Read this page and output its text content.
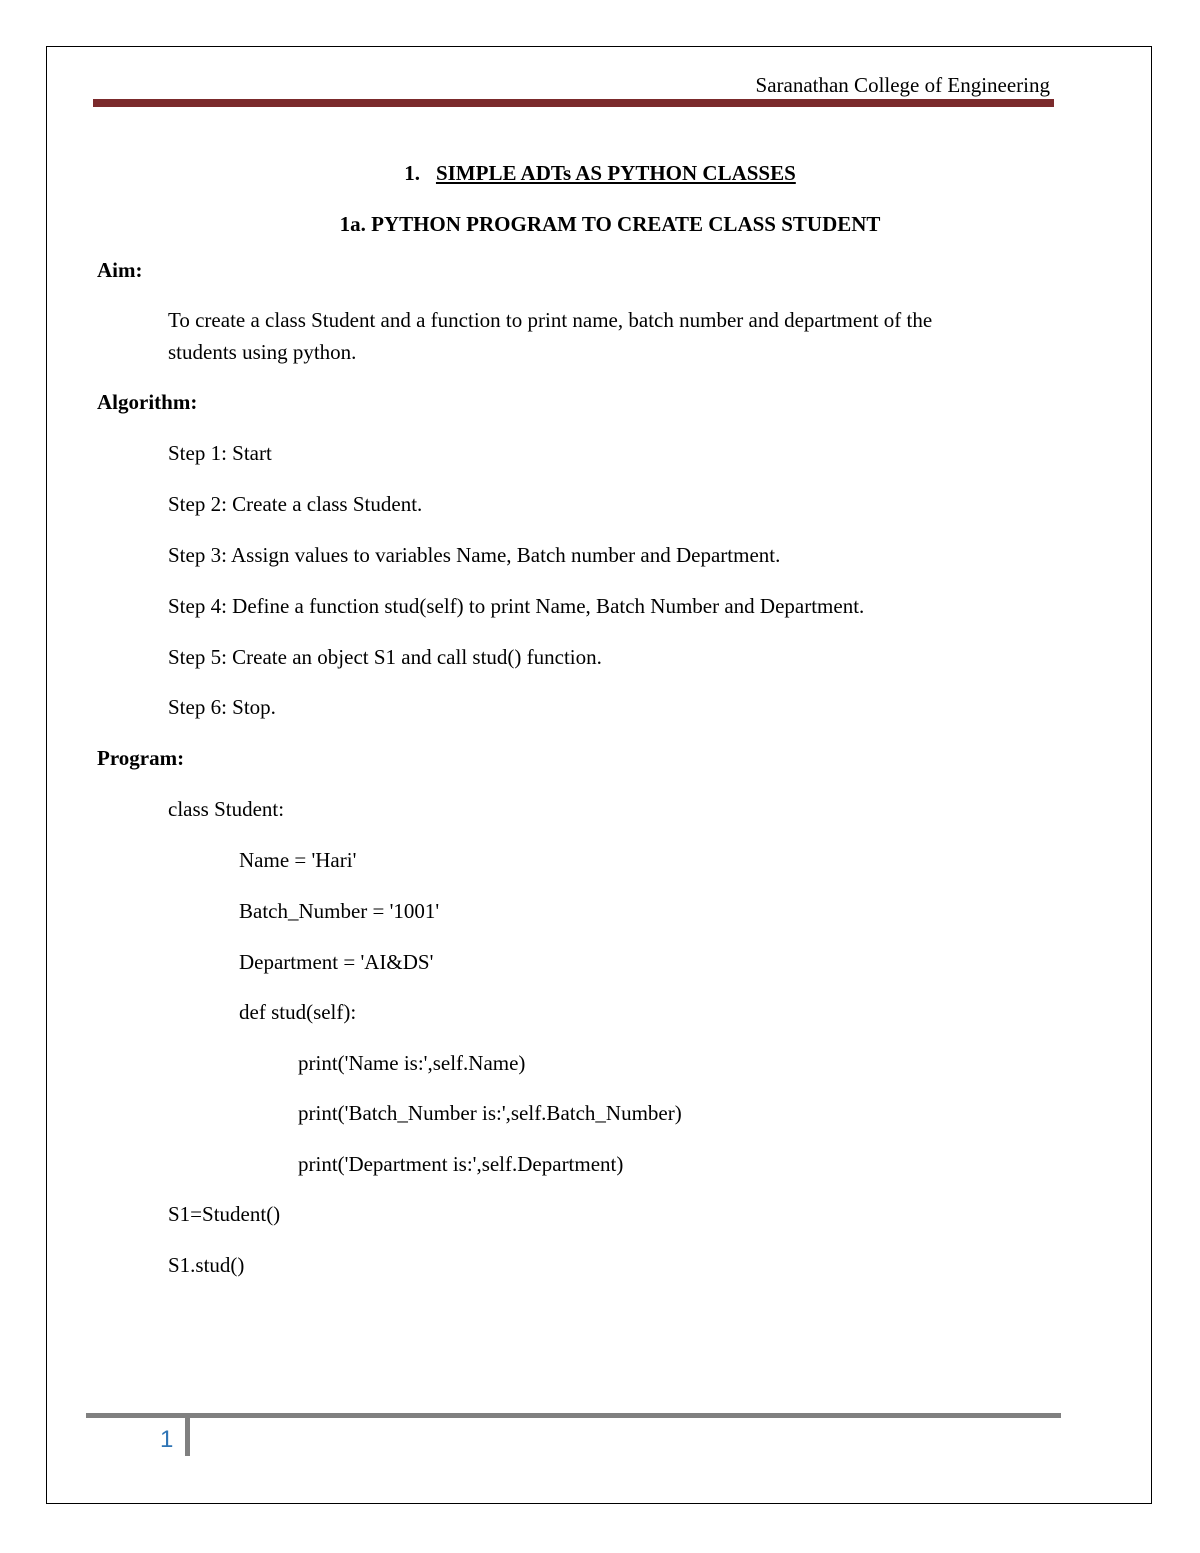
Saranathan College of Engineering
1. SIMPLE ADTs AS PYTHON CLASSES
1a. PYTHON PROGRAM TO CREATE CLASS STUDENT
Aim:
To create a class Student and a function to print name, batch number and department of the
students using python.
Algorithm:
Step 1: Start
Step 2: Create a class Student.
Step 3: Assign values to variables Name, Batch number and Department.
Step 4: Define a function stud(self) to print Name, Batch Number and Department.
Step 5: Create an object S1 and call stud() function.
Step 6: Stop.
Program:
class Student:
Name = 'Hari'
Batch_Number = '1001'
Department = 'AI&DS'
def stud(self):
print('Name is:',self.Name)
print('Batch_Number is:',self.Batch_Number)
print('Department is:',self.Department)
S1=Student()
S1.stud()
1
